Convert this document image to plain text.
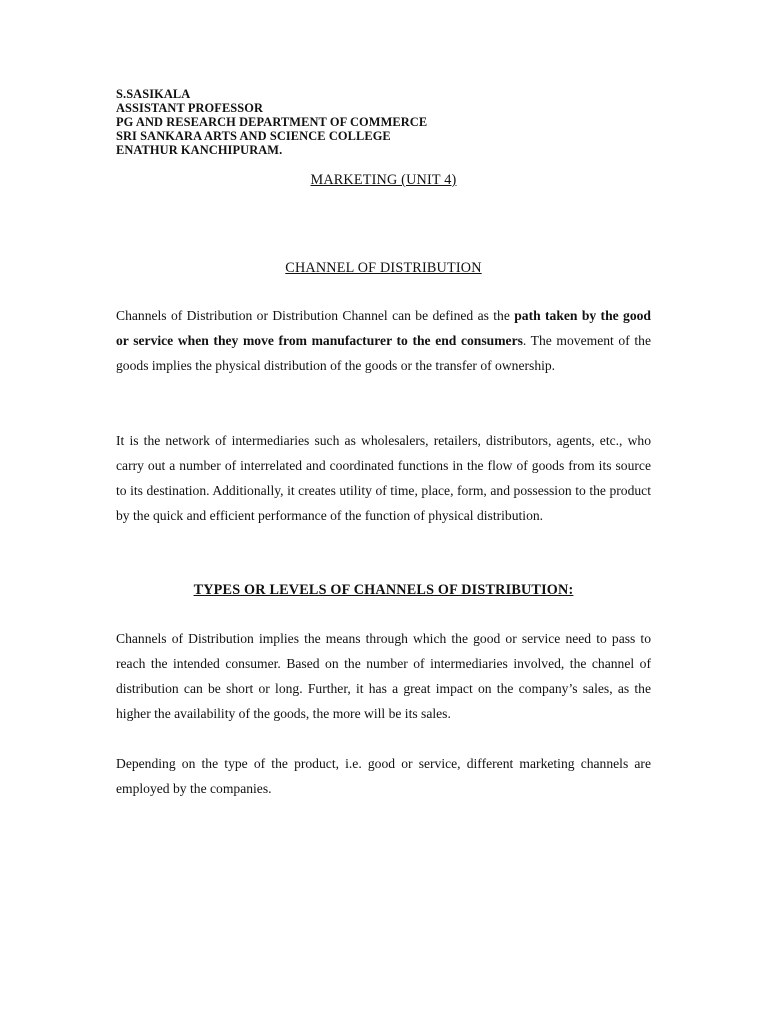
S.SASIKALA
ASSISTANT PROFESSOR
PG AND RESEARCH DEPARTMENT OF COMMERCE
SRI SANKARA ARTS AND SCIENCE COLLEGE
ENATHUR KANCHIPURAM.
MARKETING (UNIT 4)
CHANNEL OF DISTRIBUTION
Channels of Distribution or Distribution Channel can be defined as the path taken by the good or service when they move from manufacturer to the end consumers. The movement of the goods implies the physical distribution of the goods or the transfer of ownership.
It is the network of intermediaries such as wholesalers, retailers, distributors, agents, etc., who carry out a number of interrelated and coordinated functions in the flow of goods from its source to its destination. Additionally, it creates utility of time, place, form, and possession to the product by the quick and efficient performance of the function of physical distribution.
TYPES OR LEVELS OF CHANNELS OF DISTRIBUTION:
Channels of Distribution implies the means through which the good or service need to pass to reach the intended consumer. Based on the number of intermediaries involved, the channel of distribution can be short or long. Further, it has a great impact on the company’s sales, as the higher the availability of the goods, the more will be its sales.
Depending on the type of the product, i.e. good or service, different marketing channels are employed by the companies.
